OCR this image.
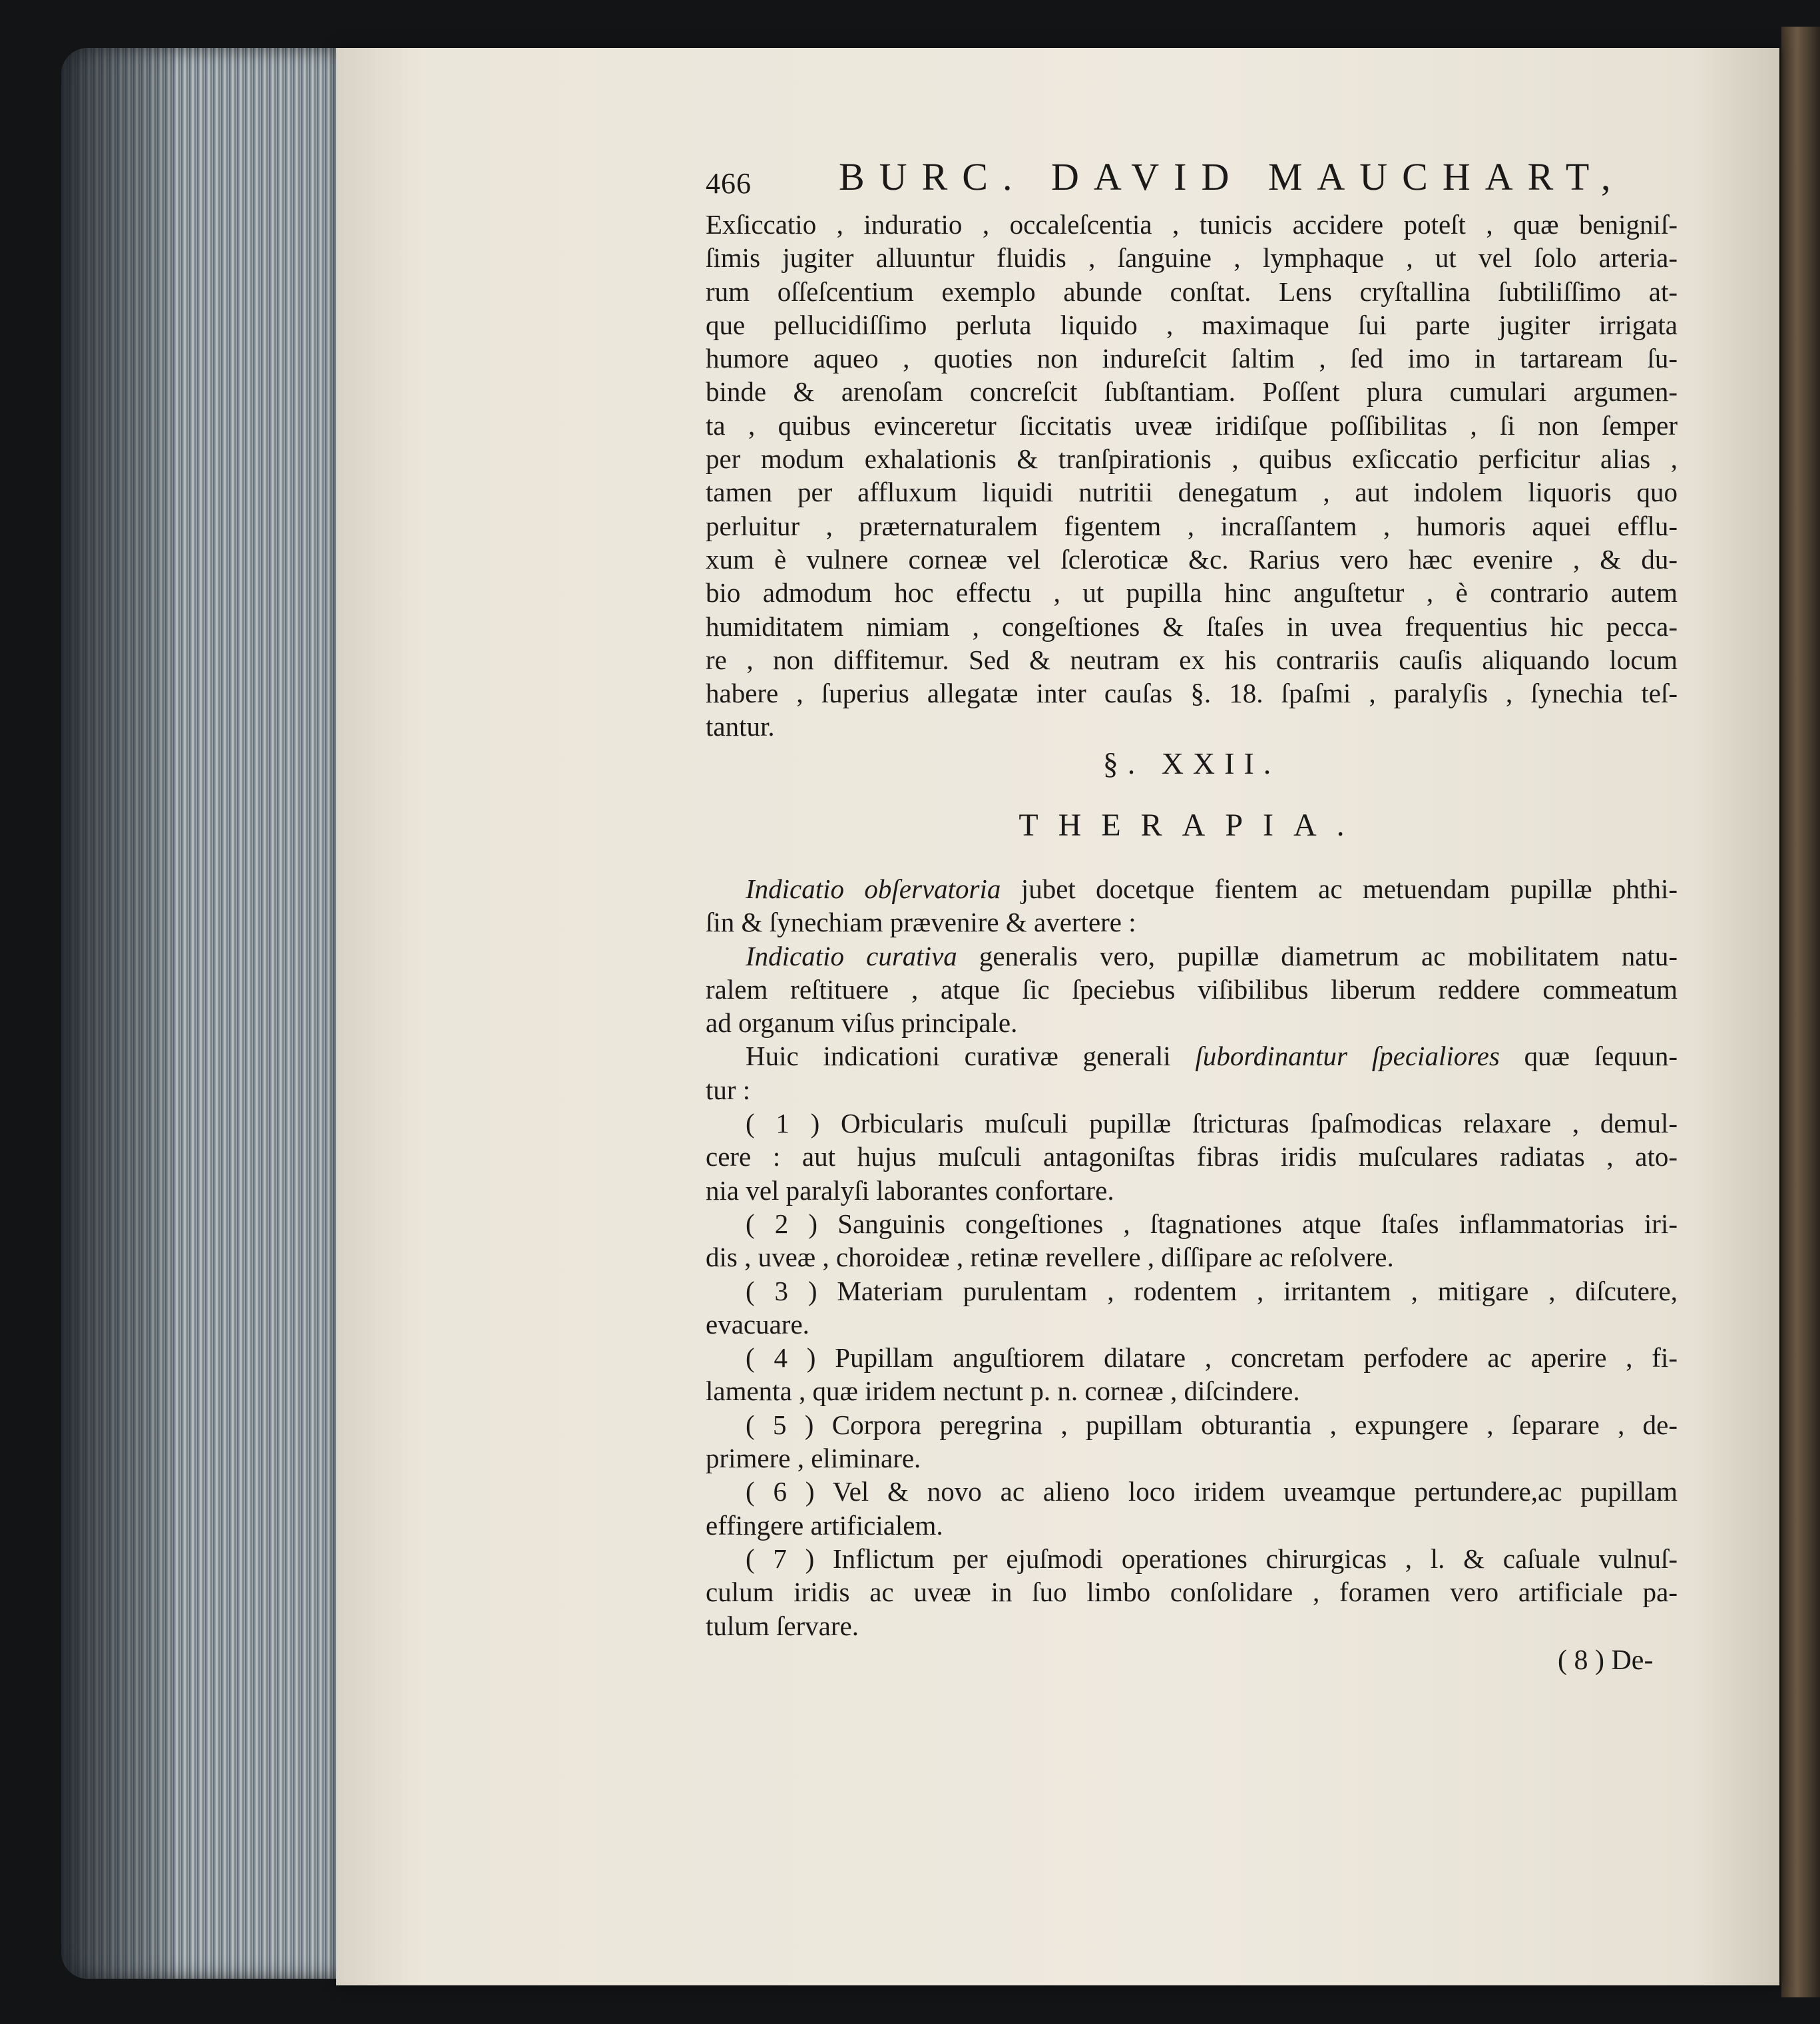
466 BURC. DAVID MAUCHART,
Exſiccatio , induratio , occaleſcentia , tunicis accidere poteſt , quæ benigniſ-
ſimis jugiter alluuntur fluidis , ſanguine , lymphaque , ut vel ſolo arteria-
rum oſſeſcentium exemplo abunde conſtat. Lens cryſtallina ſubtiliſſimo at-
que pellucidiſſimo perluta liquido , maximaque ſui parte jugiter irrigata
humore aqueo , quoties non indureſcit ſaltim , ſed imo in tartaream ſu-
binde & arenoſam concreſcit ſubſtantiam. Poſſent plura cumulari argumen-
ta , quibus evinceretur ſiccitatis uveæ iridiſque poſſibilitas , ſi non ſemper
per modum exhalationis & tranſpirationis , quibus exſiccatio perficitur alias ,
tamen per affluxum liquidi nutritii denegatum , aut indolem liquoris quo
perluitur , præternaturalem figentem , incraſſantem , humoris aquei efflu-
xum è vulnere corneæ vel ſcleroticæ &c. Rarius vero hæc evenire , & du-
bio admodum hoc effectu , ut pupilla hinc anguſtetur , è contrario autem
humiditatem nimiam , congeſtiones & ſtaſes in uvea frequentius hic pecca-
re , non diffitemur. Sed & neutram ex his contrariis cauſis aliquando locum
habere , ſuperius allegatæ inter cauſas §. 18. ſpaſmi , paralyſis , ſynechia teſ-
tantur.
§. XXII.
THERAPIA.
Indicatio obſervatoria jubet docetque fientem ac metuendam pupillæ phthi-
ſin & ſynechiam prævenire & avertere :
Indicatio curativa generalis vero, pupillæ diametrum ac mobilitatem natu-
ralem reſtituere , atque ſic ſpeciebus viſibilibus liberum reddere commeatum
ad organum viſus principale.
Huic indicationi curativæ generali ſubordinantur ſpecialiores quæ ſequun-
tur :
( 1 ) Orbicularis muſculi pupillæ ſtricturas ſpaſmodicas relaxare , demul-
cere : aut hujus muſculi antagoniſtas fibras iridis muſculares radiatas , ato-
nia vel paralyſi laborantes confortare.
( 2 ) Sanguinis congeſtiones , ſtagnationes atque ſtaſes inflammatorias iri-
dis , uveæ , choroideæ , retinæ revellere , diſſipare ac reſolvere.
( 3 ) Materiam purulentam , rodentem , irritantem , mitigare , diſcutere,
evacuare.
( 4 ) Pupillam anguſtiorem dilatare , concretam perfodere ac aperire , fi-
lamenta , quæ iridem nectunt p. n. corneæ , diſcindere.
( 5 ) Corpora peregrina , pupillam obturantia , expungere , ſeparare , de-
primere , eliminare.
( 6 ) Vel & novo ac alieno loco iridem uveamque pertundere,ac pupillam
effingere artificialem.
( 7 ) Inflictum per ejuſmodi operationes chirurgicas , l. & caſuale vulnuſ-
culum iridis ac uveæ in ſuo limbo conſolidare , foramen vero artificiale pa-
tulum ſervare.
( 8 ) De-
